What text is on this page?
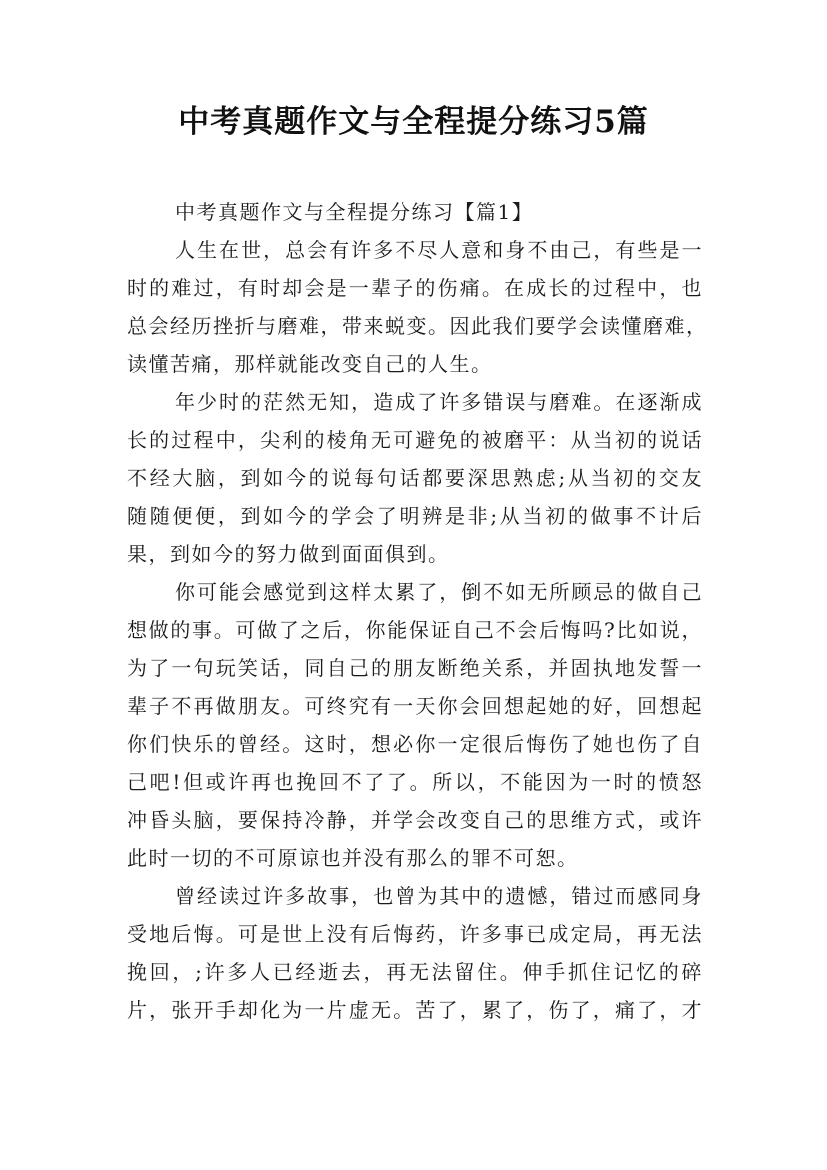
中考真题作文与全程提分练习5篇

中考真题作文与全程提分练习【篇1】

人生在世，总会有许多不尽人意和身不由己，有些是一
时的难过，有时却会是一辈子的伤痛。在成长的过程中，也
总会经历挫折与磨难，带来蜕变。因此我们要学会读懂磨难，
读懂苦痛，那样就能改变自己的人生。
年少时的茫然无知，造成了许多错误与磨难。在逐渐成
长的过程中，尖利的棱角无可避免的被磨平：从当初的说话
不经大脑，到如今的说每句话都要深思熟虑;从当初的交友
随随便便，到如今的学会了明辨是非;从当初的做事不计后
果，到如今的努力做到面面俱到。
你可能会感觉到这样太累了，倒不如无所顾忌的做自己
想做的事。可做了之后，你能保证自己不会后悔吗?比如说，
为了一句玩笑话，同自己的朋友断绝关系，并固执地发誓一
辈子不再做朋友。可终究有一天你会回想起她的好，回想起
你们快乐的曾经。这时，想必你一定很后悔伤了她也伤了自
己吧!但或许再也挽回不了了。所以，不能因为一时的愤怒
冲昏头脑，要保持冷静，并学会改变自己的思维方式，或许
此时一切的不可原谅也并没有那么的罪不可恕。
曾经读过许多故事，也曾为其中的遗憾，错过而感同身
受地后悔。可是世上没有后悔药，许多事已成定局，再无法
挽回，;许多人已经逝去，再无法留住。伸手抓住记忆的碎
片，张开手却化为一片虚无。苦了，累了，伤了，痛了，才
